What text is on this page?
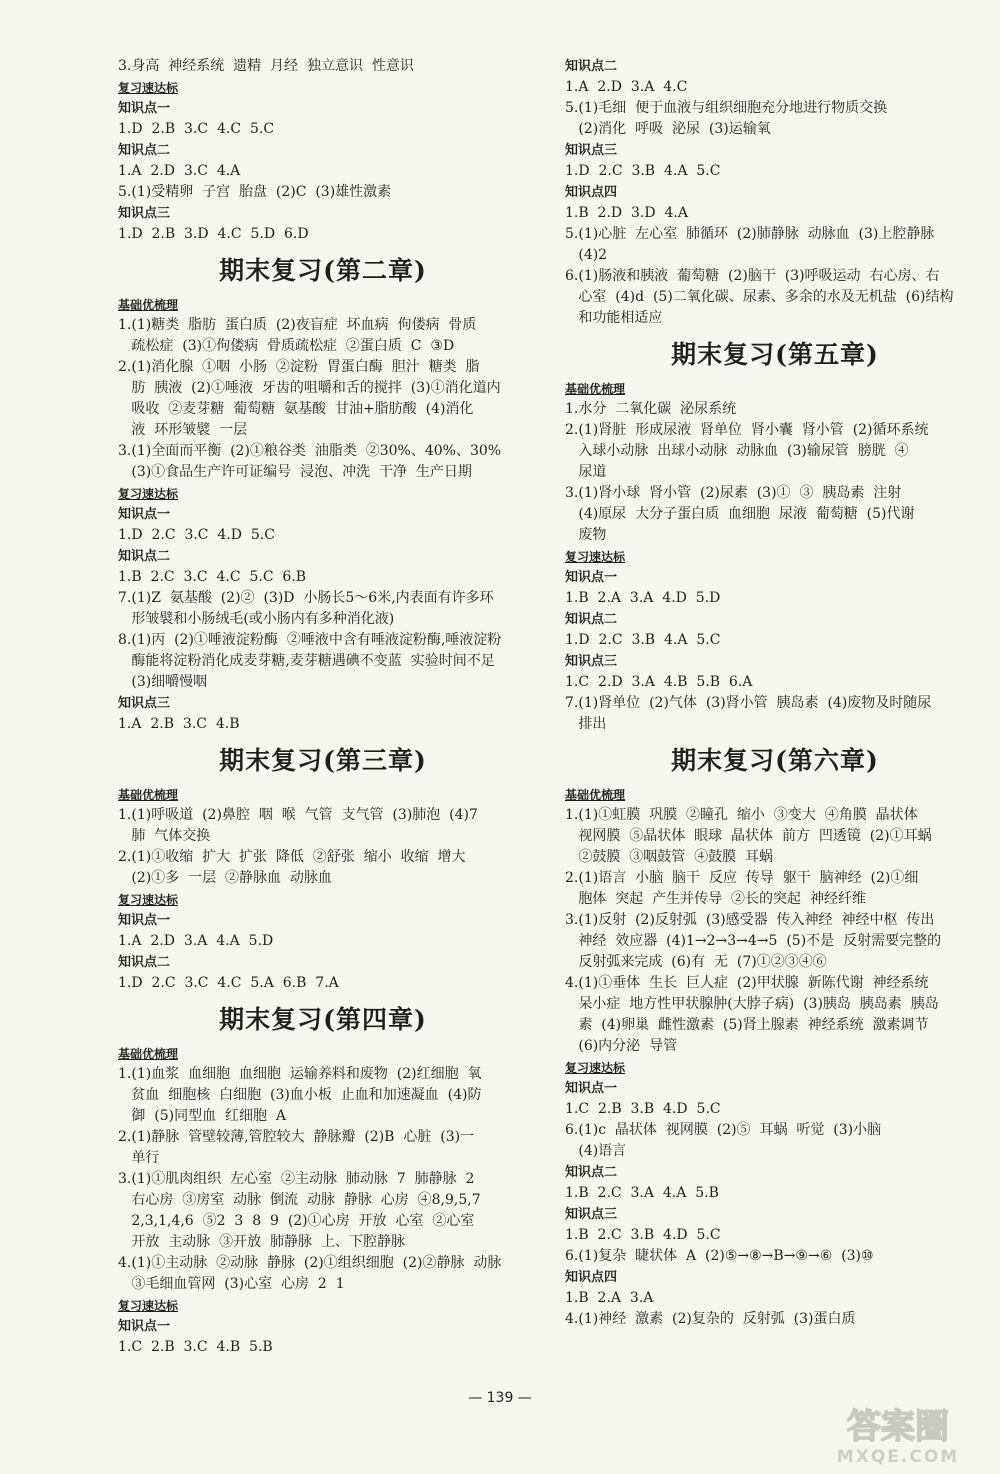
3.身高  神经系统  遗精  月经  独立意识  性意识
复习速达标
知识点一
1.D  2.B  3.C  4.C  5.C
知识点二
1.A  2.D  3.C  4.A
5.(1)受精卵  子宫  胎盘  (2)C  (3)雄性激素
知识点三
1.D  2.B  3.D  4.C  5.D  6.D
期末复习(第二章)
基础优梳理
1.(1)糖类  脂肪  蛋白质  (2)夜盲症  坏血病  佝偻病  骨质
疏松症  (3)①佝偻病  骨质疏松症  ②蛋白质  C  ③D
2.(1)消化腺  ①咽  小肠  ②淀粉  胃蛋白酶  胆汁  糖类  脂
肪  胰液  (2)①唾液  牙齿的咀嚼和舌的搅拌  (3)①消化道内
吸收  ②麦芽糖  葡萄糖  氨基酸  甘油+脂肪酸  (4)消化
液  环形皱襞  一层
3.(1)全面而平衡  (2)①粮谷类  油脂类  ②30%、40%、30%
(3)①食品生产许可证编号  浸泡、冲洗  干净  生产日期
复习速达标
知识点一
1.D  2.C  3.C  4.D  5.C
知识点二
1.B  2.C  3.C  4.C  5.C  6.B
7.(1)Z  氨基酸  (2)②  (3)D  小肠长5～6米,内表面有许多环
形皱襞和小肠绒毛(或小肠内有多种消化液)
8.(1)丙  (2)①唾液淀粉酶  ②唾液中含有唾液淀粉酶,唾液淀粉
酶能将淀粉消化成麦芽糖,麦芽糖遇碘不变蓝  实验时间不足
(3)细嚼慢咽
知识点三
1.A  2.B  3.C  4.B
期末复习(第三章)
基础优梳理
1.(1)呼吸道  (2)鼻腔  咽  喉  气管  支气管  (3)肺泡  (4)7
肺  气体交换
2.(1)①收缩  扩大  扩张  降低  ②舒张  缩小  收缩  增大
(2)①多  一层  ②静脉血  动脉血
复习速达标
知识点一
1.A  2.D  3.A  4.A  5.D
知识点二
1.D  2.C  3.C  4.C  5.A  6.B  7.A
期末复习(第四章)
基础优梳理
1.(1)血浆  血细胞  血细胞  运输养料和废物  (2)红细胞  氧
贫血  细胞核  白细胞  (3)血小板  止血和加速凝血  (4)防
御  (5)同型血  红细胞  A
2.(1)静脉  管壁较薄,管腔较大  静脉瓣  (2)B  心脏  (3)一
单行
3.(1)①肌肉组织  左心室  ②主动脉  肺动脉  7  肺静脉  2
右心房  ③房室  动脉  倒流  动脉  静脉  心房  ④8,9,5,7
2,3,1,4,6  ⑤2  3  8  9  (2)①心房  开放  心室  ②心室
开放  主动脉  ③开放  肺静脉  上、下腔静脉
4.(1)①主动脉  ②动脉  静脉  (2)①组织细胞  (2)②静脉  动脉
③毛细血管网  (3)心室  心房  2  1
复习速达标
知识点一
1.C  2.B  3.C  4.B  5.B
知识点二
1.A  2.D  3.A  4.C
5.(1)毛细  便于血液与组织细胞充分地进行物质交换
(2)消化  呼吸  泌尿  (3)运输氧
知识点三
1.D  2.C  3.B  4.A  5.C
知识点四
1.B  2.D  3.D  4.A
5.(1)心脏  左心室  肺循环  (2)肺静脉  动脉血  (3)上腔静脉
(4)2
6.(1)肠液和胰液  葡萄糖  (2)脑干  (3)呼吸运动  右心房、右
心室  (4)d  (5)二氧化碳、尿素、多余的水及无机盐  (6)结构
和功能相适应
期末复习(第五章)
基础优梳理
1.水分  二氧化碳  泌尿系统
2.(1)肾脏  形成尿液  肾单位  肾小囊  肾小管  (2)循环系统
入球小动脉  出球小动脉  动脉血  (3)输尿管  膀胱  ④
尿道
3.(1)肾小球  肾小管  (2)尿素  (3)①  ③  胰岛素  注射
(4)原尿  大分子蛋白质  血细胞  尿液  葡萄糖  (5)代谢
废物
复习速达标
知识点一
1.B  2.A  3.A  4.D  5.D
知识点二
1.D  2.C  3.B  4.A  5.C
知识点三
1.C  2.D  3.A  4.B  5.B  6.A
7.(1)肾单位  (2)气体  (3)肾小管  胰岛素  (4)废物及时随尿
排出
期末复习(第六章)
基础优梳理
1.(1)①虹膜  巩膜  ②瞳孔  缩小  ③变大  ④角膜  晶状体
视网膜  ⑤晶状体  眼球  晶状体  前方  凹透镜  (2)①耳蜗
②鼓膜  ③咽鼓管  ④鼓膜  耳蜗
2.(1)语言  小脑  脑干  反应  传导  躯干  脑神经  (2)①细
胞体  突起  产生并传导  ②长的突起  神经纤维
3.(1)反射  (2)反射弧  (3)感受器  传入神经  神经中枢  传出
神经  效应器  (4)1→2→3→4→5  (5)不是  反射需要完整的
反射弧来完成  (6)有  无  (7)①②③④⑥
4.(1)①垂体  生长  巨人症  (2)甲状腺  新陈代谢  神经系统
呆小症  地方性甲状腺肿(大脖子病)  (3)胰岛  胰岛素  胰岛
素  (4)卵巢  雌性激素  (5)肾上腺素  神经系统  激素调节
(6)内分泌  导管
复习速达标
知识点一
1.C  2.B  3.B  4.D  5.C
6.(1)c  晶状体  视网膜  (2)⑤  耳蜗  听觉  (3)小脑
(4)语言
知识点二
1.B  2.C  3.A  4.A  5.B
知识点三
1.B  2.C  3.B  4.D  5.C
6.(1)复杂  睫状体  A  (2)⑤→⑧→B→⑨→⑥  (3)⑩
知识点四
1.B  2.A  3.A
4.(1)神经  激素  (2)复杂的  反射弧  (3)蛋白质
— 139 —
答案圈
MXQE.COM
